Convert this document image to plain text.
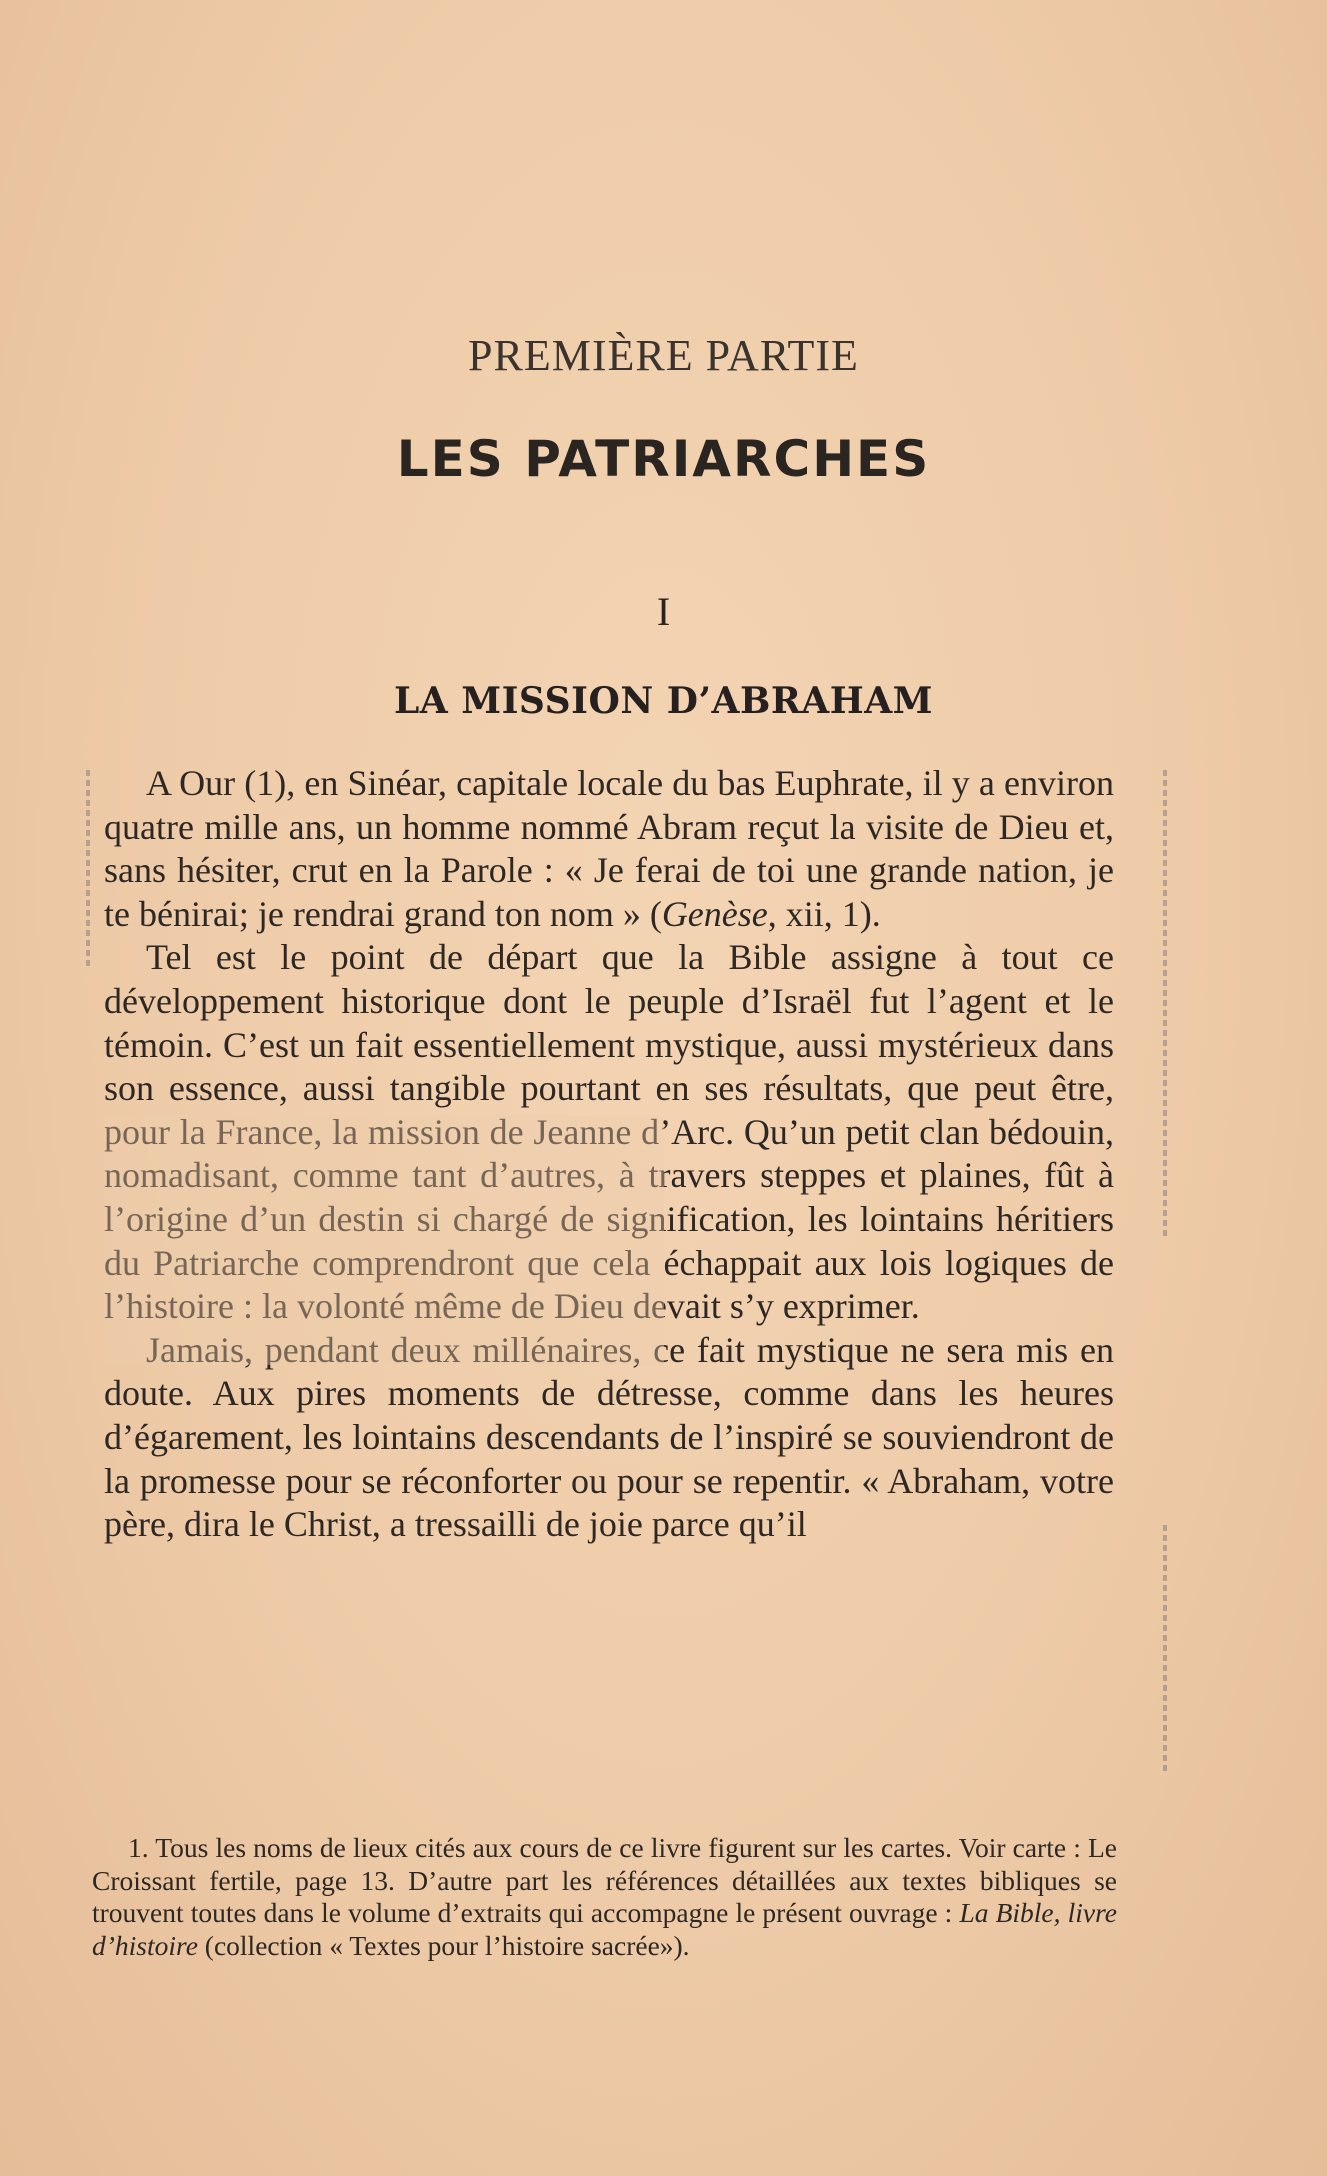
PREMIÈRE PARTIE
LES PATRIARCHES
I
LA MISSION D’ABRAHAM

A Our (1), en Sinéar, capitale locale du bas Euphrate, il y a environ quatre mille ans, un homme nommé Abram reçut la visite de Dieu et, sans hésiter, crut en la Parole : « Je ferai de toi une grande nation, je te bénirai; je rendrai grand ton nom » (Genèse, xii, 1).

Tel est le point de départ que la Bible assigne à tout ce développement historique dont le peuple d’Israël fut l’agent et le témoin. C’est un fait essentiellement mystique, aussi mystérieux dans son essence, aussi tangible pourtant en ses résultats, que peut être, pour la France, la mission de Jeanne d’Arc. Qu’un petit clan bédouin, nomadisant, comme tant d’autres, à travers steppes et plaines, fût à l’origine d’un destin si chargé de signification, les lointains héritiers du Patriarche comprendront que cela échappait aux lois logiques de l’histoire : la volonté même de Dieu devait s’y exprimer.

Jamais, pendant deux millénaires, ce fait mystique ne sera mis en doute. Aux pires moments de détresse, comme dans les heures d’égarement, les lointains descendants de l’inspiré se souviendront de la promesse pour se réconforter ou pour se repentir. « Abraham, votre père, dira le Christ, a tressailli de joie parce qu’il

1. Tous les noms de lieux cités aux cours de ce livre figurent sur les cartes. Voir carte : Le Croissant fertile, page 13. D’autre part les références détaillées aux textes bibliques se trouvent toutes dans le volume d’extraits qui accompagne le présent ouvrage : La Bible, livre d’histoire (collection « Textes pour l’histoire sacrée»).
